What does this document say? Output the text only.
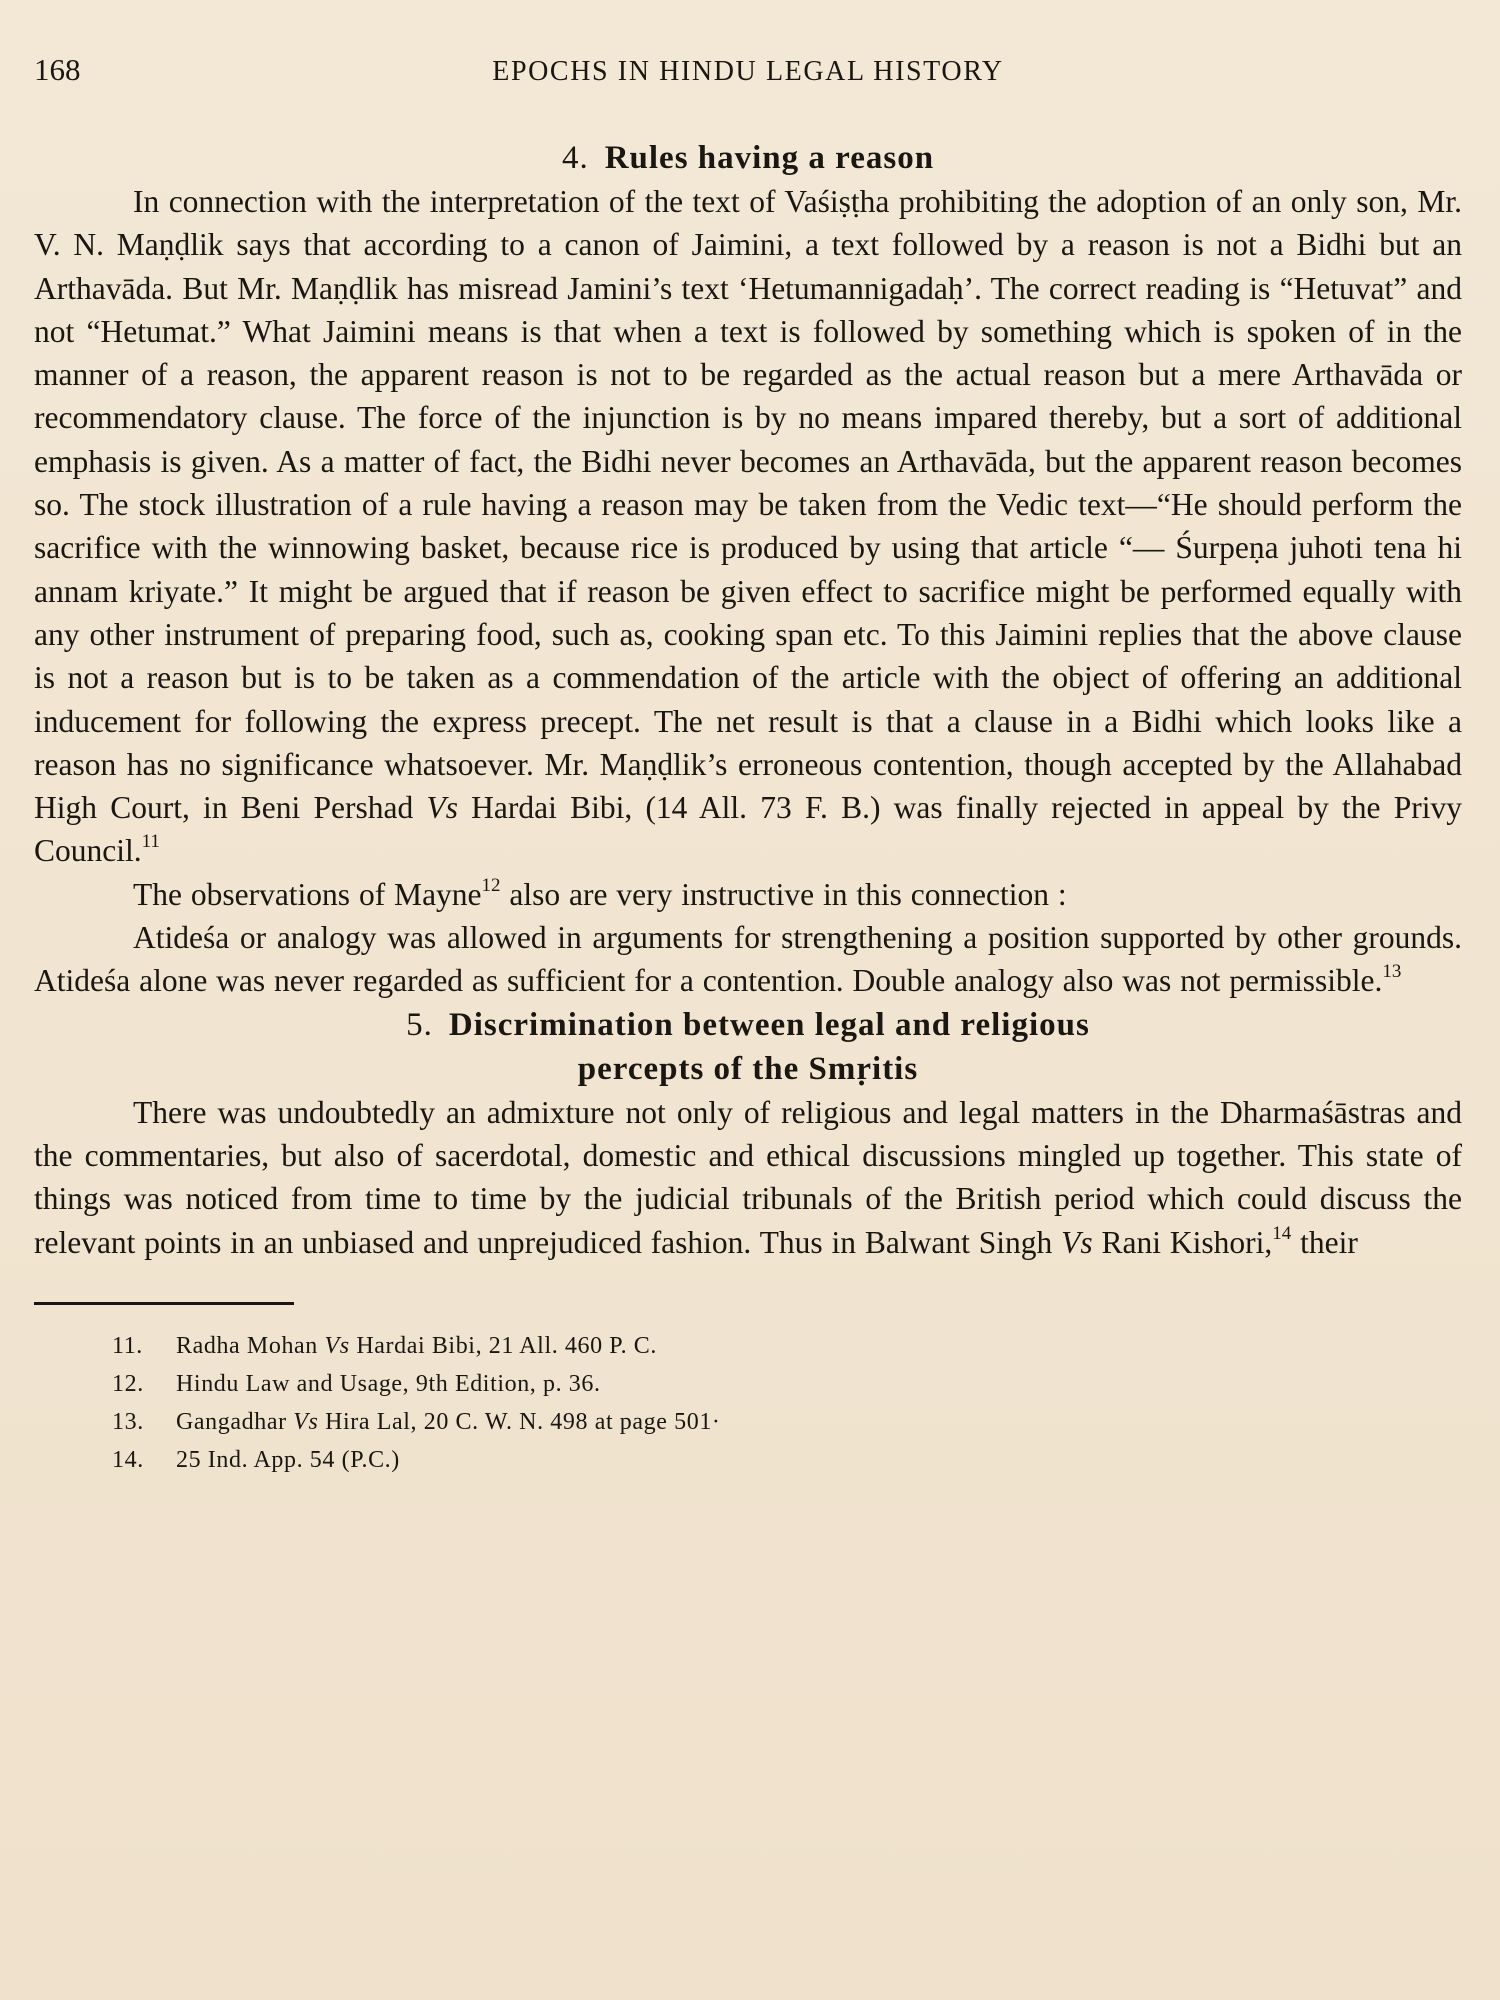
168	EPOCHS IN HINDU LEGAL HISTORY
4. Rules having a reason

In connection with the interpretation of the text of Vaśiṣṭha prohibiting the adoption of an only son, Mr. V. N. Maṇḍlik says that according to a canon of Jaimini, a text followed by a reason is not a Bidhi but an Arthavāda. But Mr. Maṇḍlik has misread Jamini’s text ‘Hetumannigadaḥ’. The correct reading is “Hetuvat” and not “Hetumat.” What Jaimini means is that when a text is followed by something which is spoken of in the manner of a reason, the apparent reason is not to be regarded as the actual reason but a mere Arthavāda or recommendatory clause. The force of the injunction is by no means impared thereby, but a sort of additional emphasis is given. As a matter of fact, the Bidhi never becomes an Arthavāda, but the apparent reason becomes so. The stock illustration of a rule having a reason may be taken from the Vedic text—“He should perform the sacrifice with the winnowing basket, because rice is produced by using that article “— Śurpeṇa juhoti tena hi annam kriyate.” It might be argued that if reason be given effect to sacrifice might be performed equally with any other instrument of preparing food, such as, cooking span etc. To this Jaimini replies that the above clause is not a reason but is to be taken as a commendation of the article with the object of offering an additional inducement for following the express precept. The net result is that a clause in a Bidhi which looks like a reason has no significance whatsoever. Mr. Maṇḍlik’s erroneous contention, though accepted by the Allahabad High Court, in Beni Pershad Vs Hardai Bibi, (14 All. 73 F. B.) was finally rejected in appeal by the Privy Council.$^{11}$

The observations of Mayne$^{12}$ also are very instructive in this connection :

Atideśa or analogy was allowed in arguments for strengthening a position supported by other grounds. Atideśa alone was never regarded as sufficient for a contention. Double analogy also was not permissible.$^{13}$

5. Discrimination between legal and religious
percepts of the Smṛitis

There was undoubtedly an admixture not only of religious and legal matters in the Dharmaśāstras and the commentaries, but also of sacerdotal, domestic and ethical discussions mingled up together. This state of things was noticed from time to time by the judicial tribunals of the British period which could discuss the relevant points in an unbiased and unprejudiced fashion. Thus in Balwant Singh Vs Rani Kishori,$^{14}$ their

11.	Radha Mohan Vs Hardai Bibi, 21 All. 460 P. C.
12.	Hindu Law and Usage, 9th Edition, p. 36.
13.	Gangadhar Vs Hira Lal, 20 C. W. N. 498 at page 501·
14.	25 Ind. App. 54 (P.C.)
